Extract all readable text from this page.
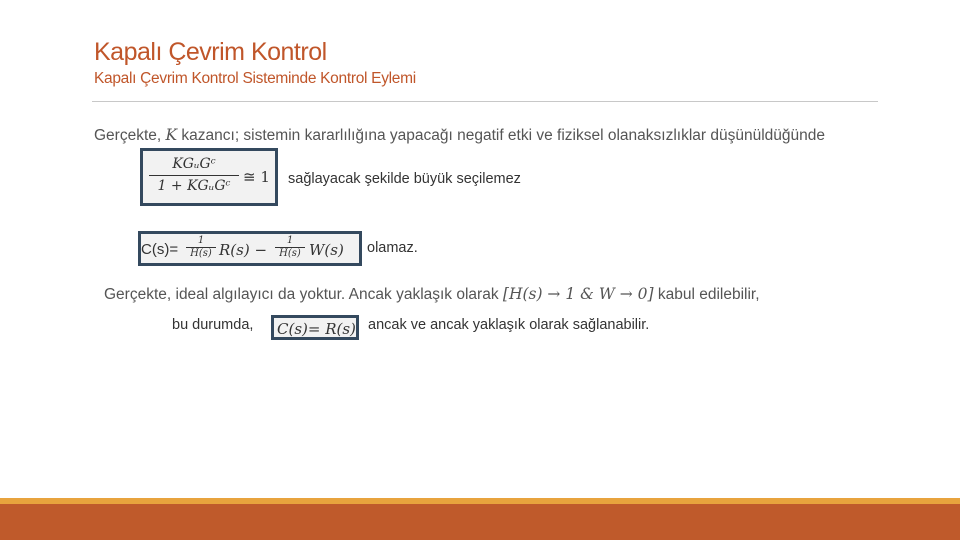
Kapalı Çevrim Kontrol
Kapalı Çevrim Kontrol Sisteminde Kontrol Eylemi
Gerçekte, K kazancı; sistemin kararlılığına yapacağı negatif etki ve fiziksel olanaksızlıklar düşünüldüğünde
KGᵤGᶜ
1 + KGᵤGᶜ ≅ 1 sağlayacak şekilde büyük seçilemez
C(s)=
1
H(s) R(s) −
1
H(s) W(s) olamaz.
Gerçekte, ideal algılayıcı da yoktur. Ancak yaklaşık olarak [H(s) → 1 & W → 0] kabul edilebilir,
bu durumda, C(s)= R(s) ancak ve ancak yaklaşık olarak sağlanabilir.
